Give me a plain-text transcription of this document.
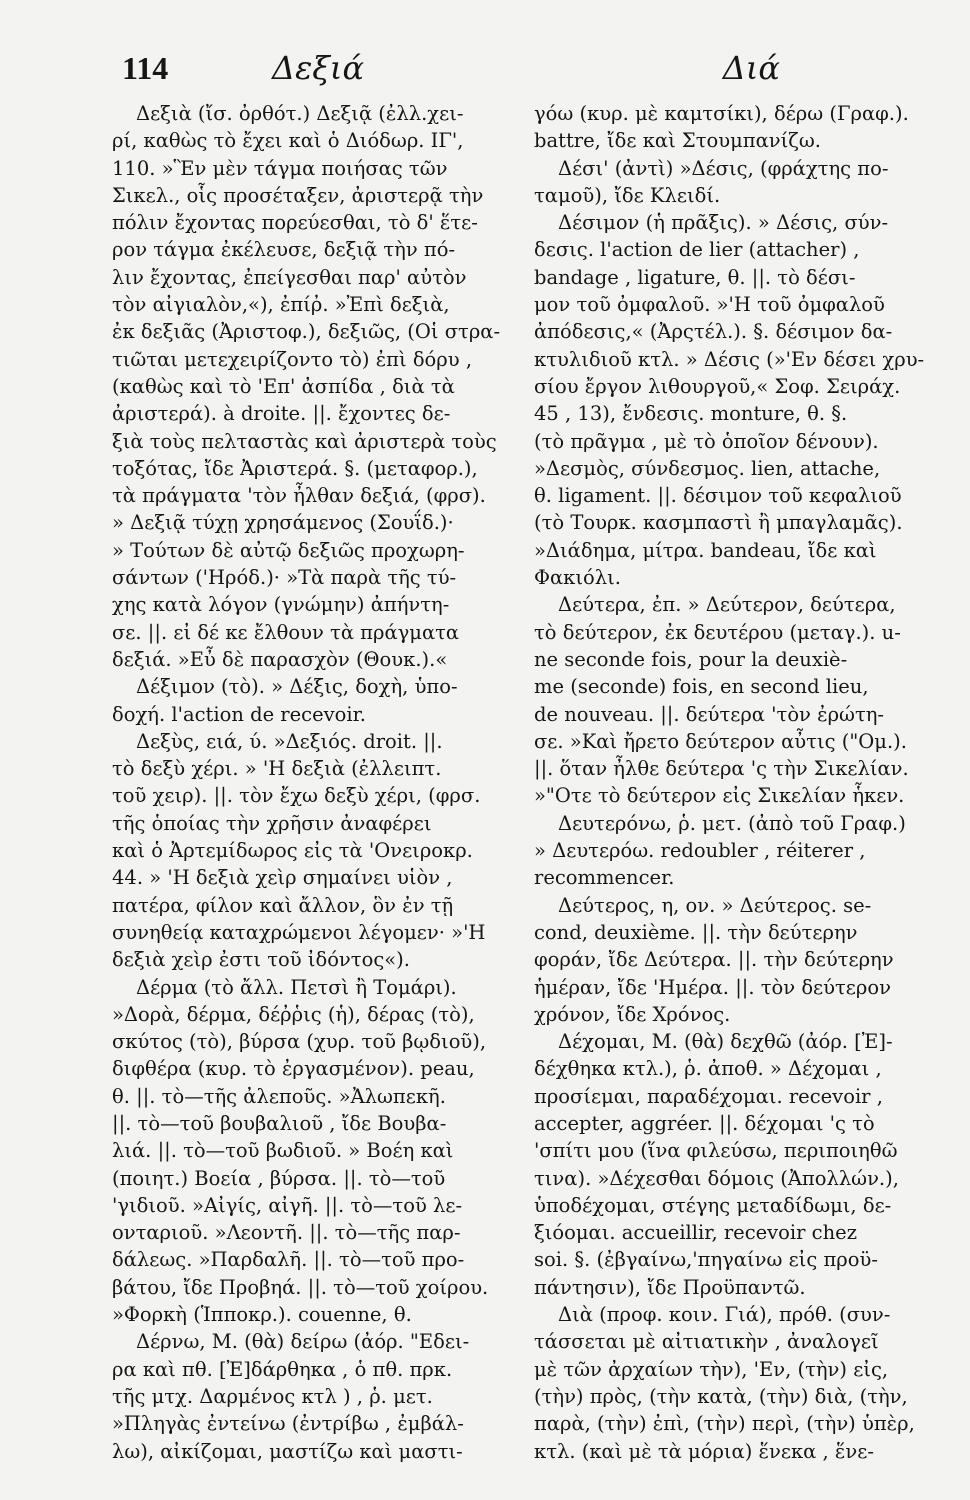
114	Δεξιά	Διά
Δεξιὰ (ἴσ. ὀρθότ.) Δεξιᾷ (ἐλλ.χει-
ρί, καθὼς τὸ ἔχει καὶ ὁ Διόδωρ. ΙΓ',
110. »Ἓν μὲν τάγμα ποιήσας τῶν
Σικελ., οἷς προσέταξεν, ἀριστερᾷ τὴν
πόλιν ἔχοντας πορεύεσθαι, τὸ δ' ἕτε-
ρον τάγμα ἐκέλευσε, δεξιᾷ τὴν πό-
λιν ἔχοντας, ἐπείγεσθαι παρ' αὐτὸν
τὸν αἰγιαλὸν,«), ἐπίῤ. »Ἐπὶ δεξιὰ,
ἐκ δεξιᾶς (Ἀριστοφ.), δεξιῶς, (Οἱ στρα-
τιῶται μετεχειρίζοντο τὸ) ἐπὶ δόρυ ,
(καθὼς καὶ τὸ 'Επ' ἀσπίδα , διὰ τὰ
ἀριστερά). à droite. ||. ἔχοντες δε-
ξιὰ τοὺς πελταστὰς καὶ ἀριστερὰ τοὺς
τοξότας, ἴδε Ἀριστερά. §. (μεταφορ.),
τὰ πράγματα 'τὸν ἦλθαν δεξιά, (φρσ).
» Δεξιᾷ τύχῃ χρησάμενος (Σουΐδ.)·
» Τούτων δὲ αὐτῷ δεξιῶς προχωρη-
σάντων ('Ηρόδ.)· »Τὰ παρὰ τῆς τύ-
χης κατὰ λόγον (γνώμην) ἀπήντη-
σε. ||. εἰ δέ κε ἔλθουν τὰ πράγματα
δεξιά. »Εὖ δὲ παρασχὸν (Θουκ.).«
Δέξιμον (τὸ). » Δέξις, δοχὴ, ὑπο-
δοχή. l'action de recevoir.
Δεξὺς, ειά, ύ. »Δεξιός. droit. ||.
τὸ δεξὺ χέρι. » 'Η δεξιὰ (ἐλλειπτ.
τοῦ χειρ). ||. τὸν ἔχω δεξὺ χέρι, (φρσ.
τῆς ὁποίας τὴν χρῆσιν ἀναφέρει
καὶ ὁ Ἀρτεμίδωρος εἰς τὰ 'Ονειροκρ.
44. » 'Η δεξιὰ χεὶρ σημαίνει υἱὸν ,
πατέρα, φίλον καὶ ἄλλον, ὃν ἐν τῇ
συνηθείᾳ καταχρώμενοι λέγομεν· »'Η
δεξιὰ χεὶρ ἐστι τοῦ ἰδόντος«).
Δέρμα (τὸ ἄλλ. Πετσὶ ἢ Τομάρι).
»Δορὰ, δέρμα, δέῤῥις (ἡ), δέρας (τὸ),
σκύτος (τὸ), βύρσα (χυρ. τοῦ βῳδιοῦ),
διφθέρα (κυρ. τὸ ἐργασμένον). peau,
θ. ||. τὸ—τῆς ἀλεποῦς. »Ἀλωπεκῆ.
||. τὸ—τοῦ βουβαλιοῦ , ἴδε Βουβα-
λιά. ||. τὸ—τοῦ βωδιοῦ. » Βοέη καὶ
(ποιητ.) Βοεία , βύρσα. ||. τὸ—τοῦ
'γιδιοῦ. »Αἰγίς, αἰγῆ. ||. τὸ—τοῦ λε-
ονταριοῦ. »Λεοντῆ. ||. τὸ—τῆς παρ-
δάλεως. »Παρδαλῆ. ||. τὸ—τοῦ προ-
βάτου, ἴδε Προβηά. ||. τὸ—τοῦ χοίρου.
»Φορκὴ (Ἱπποκρ.). couenne, θ.
Δέρνω, Μ. (θὰ) δείρω (ἀόρ. "Εδει-
ρα καὶ πθ. [Ἐ]δάρθηκα , ὁ πθ. πρκ.
τῆς μτχ. Δαρμένος κτλ ) , ῥ. μετ.
»Πληγὰς ἐντείνω (ἐντρίβω , ἐμβάλ-
λω), αἰκίζομαι, μαστίζω καὶ μαστι-
γόω (κυρ. μὲ καμτσίκι), δέρω (Γραφ.).
battre, ἴδε καὶ Στουμπανίζω.
Δέσι' (ἀντὶ) »Δέσις, (φράχτης πο-
ταμοῦ), ἴδε Κλειδί.
Δέσιμον (ἡ πρᾶξις). » Δέσις, σύν-
δεσις. l'action de lier (attacher) ,
bandage , ligature, θ. ||. τὸ δέσι-
μον τοῦ ὀμφαλοῦ. »'Η τοῦ ὀμφαλοῦ
ἀπόδεσις,« (Ἀρςτέλ.). §. δέσιμον δα-
κτυλιδιοῦ κτλ. » Δέσις (»'Εν δέσει χρυ-
σίου ἔργον λιθουργοῦ,« Σοφ. Σειράχ.
45 , 13), ἔνδεσις. monture, θ. §.
(τὸ πρᾶγμα , μὲ τὸ ὁποῖον δένουν).
»Δεσμὸς, σύνδεσμος. lien, attache,
θ. ligament. ||. δέσιμον τοῦ κεφαλιοῦ
(τὸ Τουρκ. κασμπαστὶ ἢ μπαγλαμᾶς).
»Διάδημα, μίτρα. bandeau, ἴδε καὶ
Φακιόλι.
Δεύτερα, ἐπ. » Δεύτερον, δεύτερα,
τὸ δεύτερον, ἐκ δευτέρου (μεταγ.). u-
ne seconde fois, pour la deuxiè-
me (seconde) fois, en second lieu,
de nouveau. ||. δεύτερα 'τὸν ἐρώτη-
σε. »Καὶ ἤρετο δεύτερον αὖτις ("Ομ.).
||. ὅταν ἦλθε δεύτερα 'ς τὴν Σικελίαν.
»"Οτε τὸ δεύτερον εἰς Σικελίαν ἧκεν.
Δευτερόνω, ῥ. μετ. (ἀπὸ τοῦ Γραφ.)
» Δευτερόω. redoubler , réiterer ,
recommencer.
Δεύτερος, η, ον. » Δεύτερος. se-
cond, deuxième. ||. τὴν δεύτερην
φοράν, ἴδε Δεύτερα. ||. τὴν δεύτερην
ἡμέραν, ἴδε 'Ημέρα. ||. τὸν δεύτερον
χρόνον, ἴδε Χρόνος.
Δέχομαι, Μ. (θὰ) δεχθῶ (ἀόρ. [Ἐ]-
δέχθηκα κτλ.), ῥ. ἀποθ. » Δέχομαι ,
προσίεμαι, παραδέχομαι. recevoir ,
accepter, aggréer. ||. δέχομαι 'ς τὸ
'σπίτι μου (ἵνα φιλεύσω, περιποιηθῶ
τινα). »Δέχεσθαι δόμοις (Ἀπολλών.),
ὑποδέχομαι, στέγης μεταδίδωμι, δε-
ξιόομαι. accueillir, recevoir chez
soi. §. (ἐβγαίνω,'πηγαίνω εἰς προϋ-
πάντησιν), ἴδε Προϋπαντῶ.
Διὰ (προφ. κοιν. Γιά), πρόθ. (συν-
τάσσεται μὲ αἰτιατικὴν , ἀναλογεῖ
μὲ τῶν ἀρχαίων τὴν), 'Εν, (τὴν) εἰς,
(τὴν) πρὸς, (τὴν κατὰ, (τὴν) διὰ, (τὴν,
παρὰ, (τὴν) ἐπὶ, (τὴν) περὶ, (τὴν) ὑπὲρ,
κτλ. (καὶ μὲ τὰ μόρια) ἕνεκα , ἕνε-
